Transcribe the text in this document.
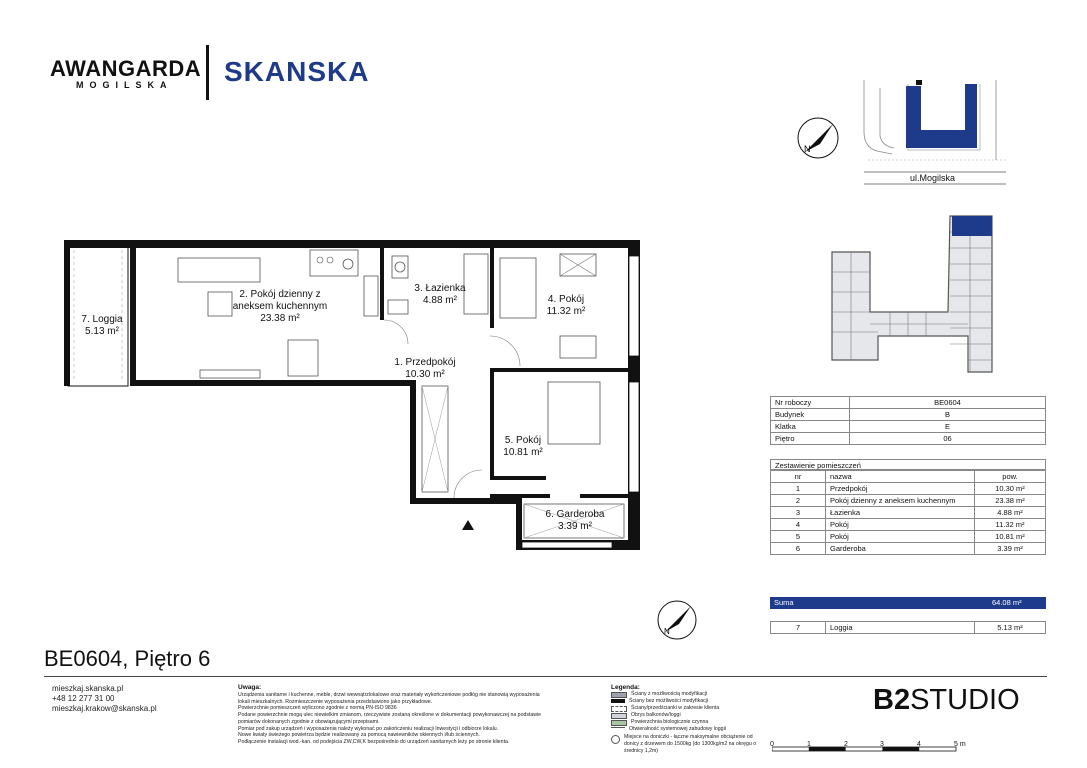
AWANGARDA
MOGILSKA SKANSKA
N
ul.Mogilska
Nr roboczy	BE0604
Budynek	B
Klatka	E
Piętro	06
Zestawienie pomieszczeń
nr	nazwa	pow.
1	Przedpokój	10.30 m²
2	Pokój dzienny z aneksem kuchennym	23.38 m²
3	Łazienka	4.88 m²
4	Pokój	11.32 m²
5	Pokój	10.81 m²
6	Garderoba	3.39 m²
Suma	64.08 m²
7	Loggia	5.13 m²
N
7. Loggia
5.13 m²
2. Pokój dzienny z
aneksem kuchennym
23.38 m²
3. Łazienka
4.88 m²	4. Pokój
11.32 m²
1. Przedpokój
10.30 m²
5. Pokój
10.81 m²
6. Garderoba
3.39 m²
BE0604, Piętro 6
mieszkaj.skanska.pl
+48 12 277 31 00
mieszkaj.krakow@skanska.pl
Uwaga:
Urządzenia sanitarne i kuchenne, meble, drzwi wewnątrzlokalowe oraz materiały wykończeniowe podłóg nie stanowią wyposażenia
lokali mieszkalnych. Rozmieszczenie wyposażenia przedstawiono jako przykładowe.
Powierzchnie pomieszczeń wyliczono zgodnie z normą PN-ISO 9836
Podane powierzchnie mogą ulec niewielkim zmianom, rzeczywiste zostaną określone w dokumentacji powykonawczej na podstawie
pomiarów dokonanych zgodnie z obowiązującymi przepisami.
Pomiar pod zakup urządzeń i wyposażenia należy wykonać po zakończeniu realizacji Inwestycji i odbiorze lokalu.
Nowe kwiaty świeżego powietrza będzie realizowany za pomocą nawiewników okiennych i/lub ściennych.
Podłączenie instalacji wod.-kan. od podejścia ZW,CW,K bezpośrednio do urządzeń sanitarnych leży po stronie klienta.
Legenda:
Ściany z możliwością modyfikacji
Ściany bez możliwości modyfikacji
Ściany/przedścianki w zakresie klienta
Obrys balkonów/loggi
Powierzchnia biologicznie czynna
Otwieralność systemowej zabudowy loggii
Miejsce na doniczki - łączne maksymalne obciążenie od donicy z drzewem do 1500kg (do 1300kg/m2 na okręgu o średnicy 1,2m)
B2STUDIO
0	1	2	3	4	5 m
